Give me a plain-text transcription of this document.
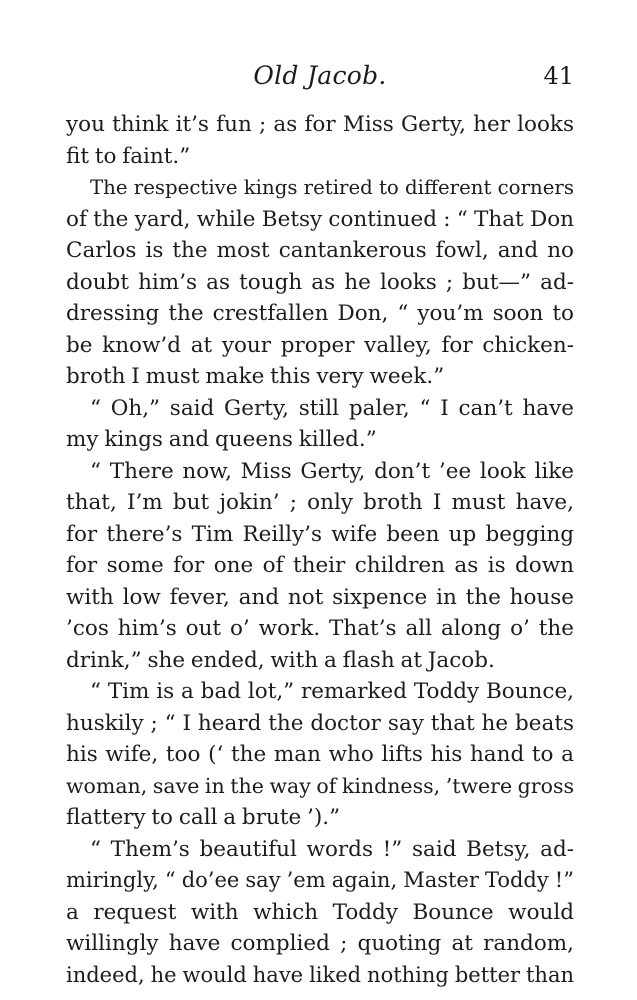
Old Jacob.	41
you think it’s fun ; as for Miss Gerty, her looks
fit to faint.”
The respective kings retired to different corners
of the yard, while Betsy continued : “ That Don
Carlos is the most cantankerous fowl, and no
doubt him’s as tough as he looks ; but—” ad-
dressing the crestfallen Don, “ you’m soon to
be know’d at your proper valley, for chicken-
broth I must make this very week.”
“ Oh,” said Gerty, still paler, “ I can’t have
my kings and queens killed.”
“ There now, Miss Gerty, don’t ’ee look like
that, I’m but jokin’ ; only broth I must have,
for there’s Tim Reilly’s wife been up begging
for some for one of their children as is down
with low fever, and not sixpence in the house
’cos him’s out o’ work. That’s all along o’ the
drink,” she ended, with a flash at Jacob.
“ Tim is a bad lot,” remarked Toddy Bounce,
huskily ; “ I heard the doctor say that he beats
his wife, too (‘ the man who lifts his hand to a
woman, save in the way of kindness, ’twere gross
flattery to call a brute ’).”
“ Them’s beautiful words !” said Betsy, ad-
miringly, “ do’ee say ’em again, Master Toddy !”
a request with which Toddy Bounce would
willingly have complied ; quoting at random,
indeed, he would have liked nothing better than
